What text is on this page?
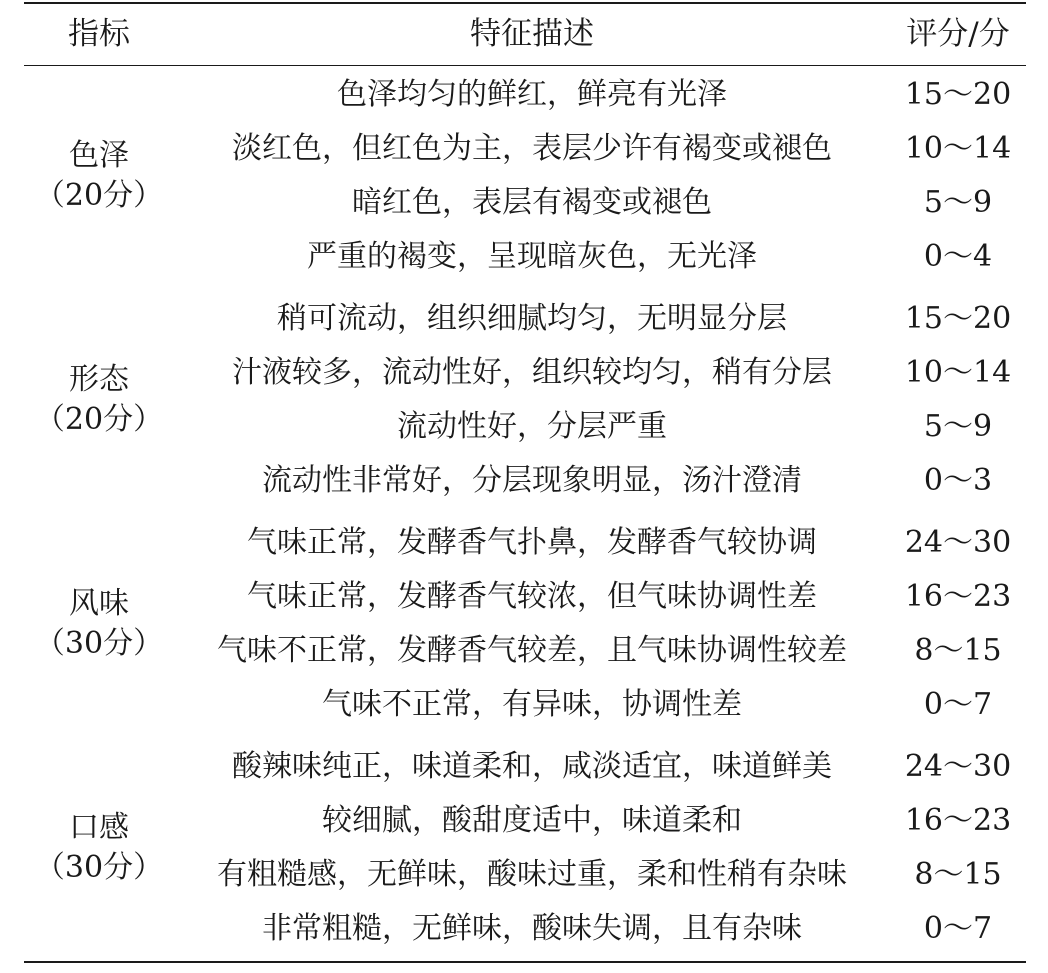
指标	特征描述	评分/分
色泽
（20分）
色泽均匀的鲜红，鲜亮有光泽	15～20
淡红色，但红色为主，表层少许有褐变或褪色	10～14
暗红色，表层有褐变或褪色	5～9
严重的褐变，呈现暗灰色，无光泽	0～4
形态
（20分）
稍可流动，组织细腻均匀，无明显分层	15～20
汁液较多，流动性好，组织较均匀，稍有分层	10～14
流动性好，分层严重	5～9
流动性非常好，分层现象明显，汤汁澄清	0～3
风味
（30分）
气味正常，发酵香气扑鼻，发酵香气较协调	24～30
气味正常，发酵香气较浓，但气味协调性差	16～23
气味不正常，发酵香气较差，且气味协调性较差	8～15
气味不正常，有异味，协调性差	0～7
口感
（30分）
酸辣味纯正，味道柔和，咸淡适宜，味道鲜美	24～30
较细腻，酸甜度适中，味道柔和	16～23
有粗糙感，无鲜味，酸味过重，柔和性稍有杂味	8～15
非常粗糙，无鲜味，酸味失调，且有杂味	0～7
